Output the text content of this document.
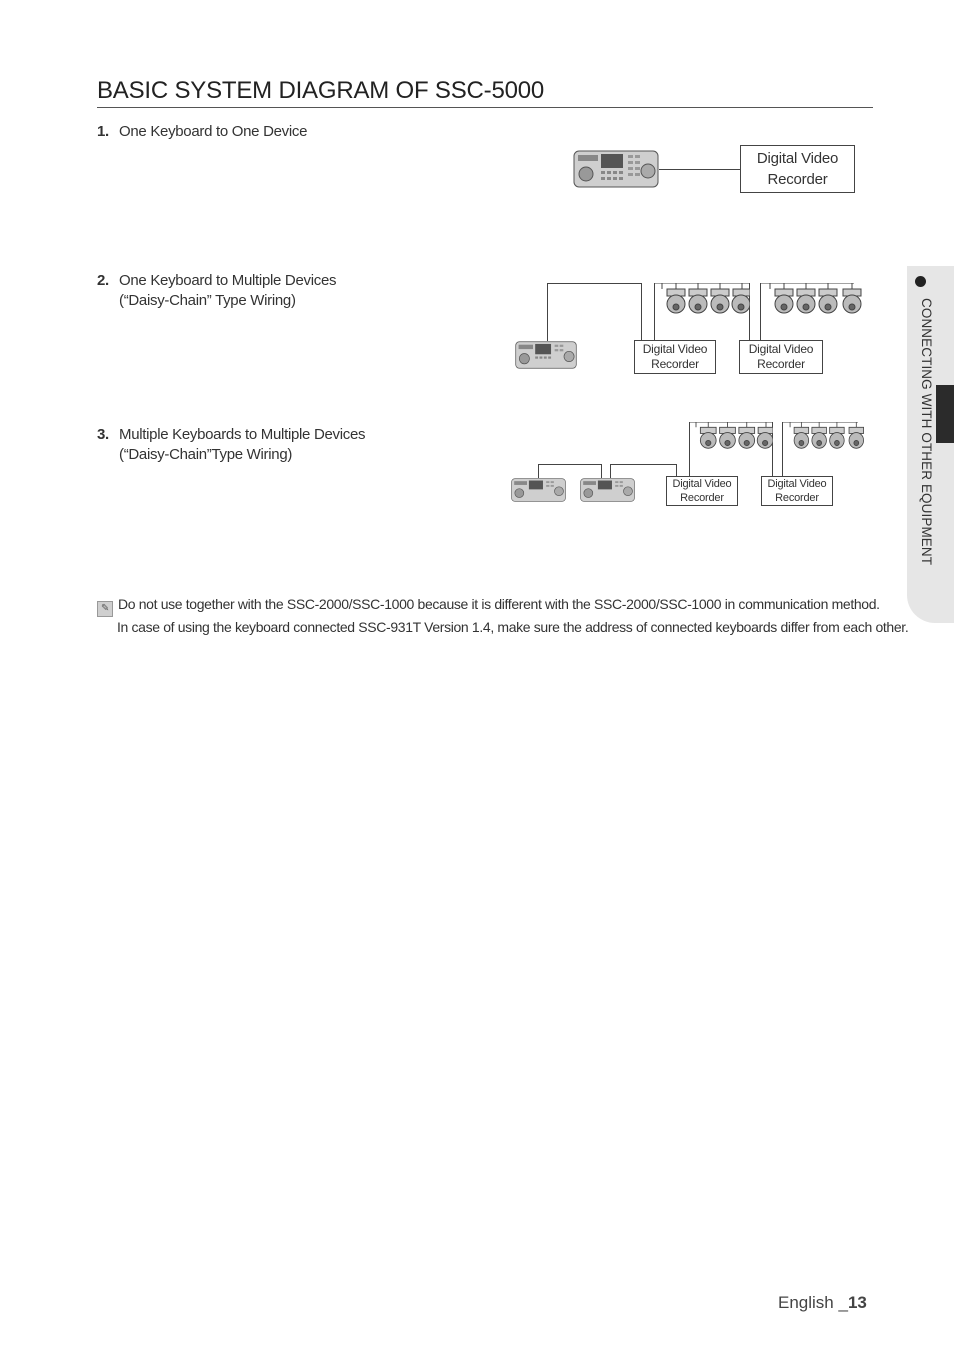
BASIC SYSTEM DIAGRAM OF SSC-5000
1. One Keyboard to One Device
2. One Keyboard to Multiple Devices
(“Daisy-Chain” Type Wiring)
3. Multiple Keyboards to Multiple Devices
(“Daisy-Chain”Type Wiring)
Digital Video
Recorder
Digital Video
Recorder
Digital Video
Recorder
Digital Video
Recorder
Digital Video
Recorder
✎ Do not use together with the SSC-2000/SSC-1000 because it is different with the SSC-2000/SSC-1000 in communication method.
In case of using the keyboard connected SSC-931T Version 1.4, make sure the address of connected keyboards differ from each other.
CONNECTING WITH OTHER EQUIPMENT
English _13
